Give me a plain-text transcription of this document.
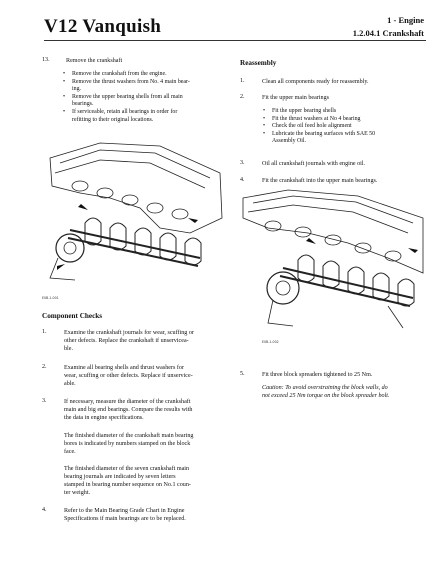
V12 Vanquish	1 - Engine
1.2.04.1 Crankshaft
13.	Remove the crankshaft
• Remove the crankshaft from the engine.
• Remove the thrust washers from No. 4 main bear-
ing.
• Remove the upper bearing shells from all main
bearings.
• If serviceable, retain all bearings in order for
refitting to their original locations.
E0B-1-001
Component Checks
1.	Examine the crankshaft journals for wear, scuffing or
other defects. Replace the crankshaft if unservicea-
ble.
2.	Examine all bearing shells and thrust washers for
wear, scuffing or other defects. Replace if unservice-
able.
3.	If necessary, measure the diameter of the crankshaft
main and big end bearings. Compare the results with
the data in engine specifications.
The finished diameter of the crankshaft main bearing
bores is indicated by numbers stamped on the block
face.
The finished diameter of the seven crankshaft main
bearing journals are indicated by seven letters
stamped in bearing number sequence on No.1 coun-
ter weight.
4.	Refer to the Main Bearing Grade Chart in Engine
Specifications if main bearings are to be replaced.
Reassembly
1.	Clean all components ready for reassembly.
2.	Fit the upper main bearings
• Fit the upper bearing shells
• Fit the thrust washers at No 4 bearing
• Check the oil feed hole alignment
• Lubricate the bearing surfaces with SAE 50
Assembly Oil.
3.	Oil all crankshaft journals with engine oil.
4.	Fit the crankshaft into the upper main bearings.
E0B-1-002
5.	Fit three block spreaders tightened to 25 Nm.
Caution: To avoid overstraining the block walls, do
not exceed 25 Nm torque on the block spreader bolt.
